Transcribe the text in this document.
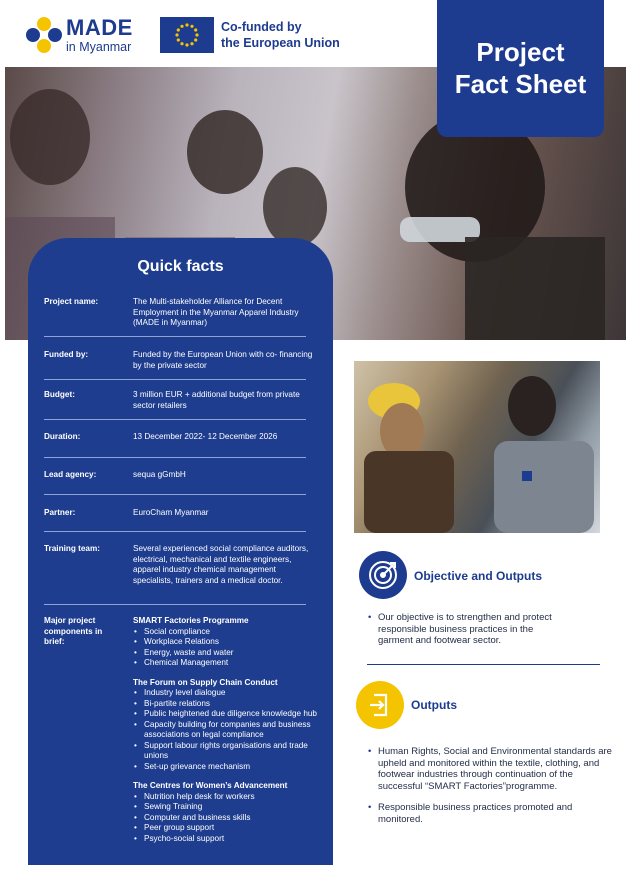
MADE
in Myanmar
Co-funded by
the European Union	Project
Fact Sheet
Quick facts
Project name:	The Multi-stakeholder Alliance for Decent Employment in the Myanmar Apparel Industry (MADE in Myanmar)
Funded by:	Funded by the European Union with co- financing by the private sector
Budget:	3 million EUR + additional budget from private sector retailers
Duration:	13 December 2022- 12 December 2026
Lead agency:	sequa gGmbH
Partner:	EuroCham Myanmar
Training team:	Several experienced social compliance auditors, electrical, mechanical and textile engineers, apparel industry chemical management specialists, trainers and a medical doctor.
Major project components in brief:
SMART Factories Programme
• Social compliance
• Workplace Relations
• Energy, waste and water
• Chemical Management
The Forum on Supply Chain Conduct
• Industry level dialogue
• Bi-partite relations
• Public heightened due diligence knowledge hub
• Capacity building for companies and business associations on legal compliance
• Support labour rights organisations and trade unions
• Set-up grievance mechanism
The Centres for Women’s Advancement
• Nutrition help desk for workers
• Sewing Training
• Computer and business skills
• Peer group support
• Psycho-social support
Objective and Outputs
• Our objective is to strengthen and protect responsible business practices in the garment and footwear sector.
Outputs
• Human Rights, Social and Environmental standards are upheld and monitored within the textile, clothing, and footwear industries through continuation of the successful “SMART Factories”programme.
• Responsible business practices promoted and monitored.
